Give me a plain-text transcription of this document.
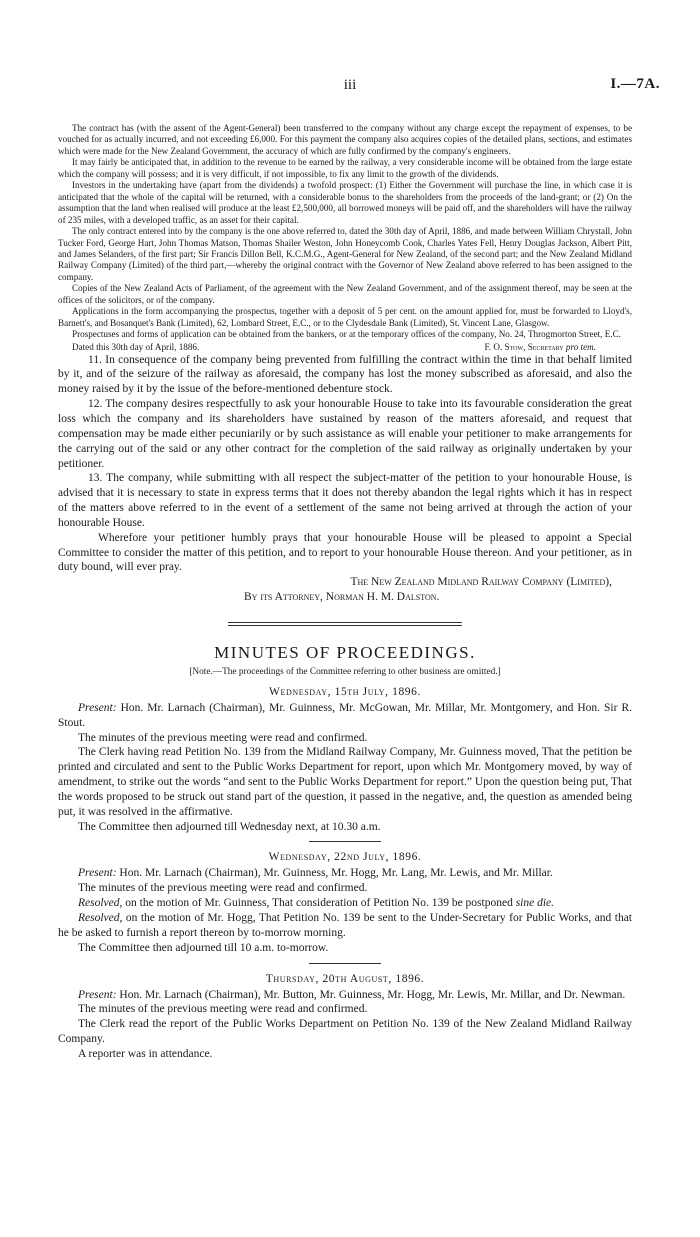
iii	I.—7A.

The contract has (with the assent of the Agent-General) been transferred to the company without any charge except the repayment of expenses, to be vouched for as actually incurred, and not exceeding £6,000. For this payment the company also acquires copies of the detailed plans, sections, and estimates which were made for the New Zealand Government, the accuracy of which are fully confirmed by the company's engineers.

It may fairly be anticipated that, in addition to the revenue to be earned by the railway, a very considerable income will be obtained from the large estate which the company will possess; and it is very difficult, if not impossible, to fix any limit to the growth of the dividends.

Investors in the undertaking have (apart from the dividends) a twofold prospect: (1) Either the Government will purchase the line, in which case it is anticipated that the whole of the capital will be returned, with a considerable bonus to the shareholders from the proceeds of the land-grant; or (2) On the assumption that the land when realised will produce at the least £2,500,000, all borrowed moneys will be paid off, and the shareholders will have the railway of 235 miles, with a developed traffic, as an asset for their capital.

The only contract entered into by the company is the one above referred to, dated the 30th day of April, 1886, and made between William Chrystall, John Tucker Ford, George Hart, John Thomas Matson, Thomas Shailer Weston, John Honeycomb Cook, Charles Yates Fell, Henry Douglas Jackson, Albert Pitt, and James Selanders, of the first part; Sir Francis Dillon Bell, K.C.M.G., Agent-General for New Zealand, of the second part; and the New Zealand Midland Railway Company (Limited) of the third part,—whereby the original contract with the Governor of New Zealand above referred to has been assigned to the company.

Copies of the New Zealand Acts of Parliament, of the agreement with the New Zealand Government, and of the assignment thereof, may be seen at the offices of the solicitors, or of the company.

Applications in the form accompanying the prospectus, together with a deposit of 5 per cent. on the amount applied for, must be forwarded to Lloyd's, Barnett's, and Bosanquet's Bank (Limited), 62, Lombard Street, E.C., or to the Clydesdale Bank (Limited), St. Vincent Lane, Glasgow.

Prospectuses and forms of application can be obtained from the bankers, or at the temporary offices of the company, No. 24, Throgmorton Street, E.C.

Dated this 30th day of April, 1886.	F. O. Stow, Secretary pro tem.

11. In consequence of the company being prevented from fulfilling the contract within the time in that behalf limited by it, and of the seizure of the railway as aforesaid, the company has lost the money subscribed as aforesaid, and also the money raised by it by the issue of the before-mentioned debenture stock.

12. The company desires respectfully to ask your honourable House to take into its favourable consideration the great loss which the company and its shareholders have sustained by reason of the matters aforesaid, and request that compensation may be made either pecuniarily or by such assistance as will enable your petitioner to make arrangements for the carrying out of the said or any other contract for the completion of the said railway as originally undertaken by your petitioner.

13. The company, while submitting with all respect the subject-matter of the petition to your honourable House, is advised that it is necessary to state in express terms that it does not thereby abandon the legal rights which it has in respect of the matters above referred to in the event of a settlement of the same not being arrived at through the action of your honourable House.

Wherefore your petitioner humbly prays that your honourable House will be pleased to appoint a Special Committee to consider the matter of this petition, and to report to your honourable House thereon. And your petitioner, as in duty bound, will ever pray.

The New Zealand Midland Railway Company (Limited),

By its Attorney, Norman H. M. Dalston.

MINUTES OF PROCEEDINGS.

[Note.—The proceedings of the Committee referring to other business are omitted.]

Wednesday, 15th July, 1896.

Present: Hon. Mr. Larnach (Chairman), Mr. Guinness, Mr. McGowan, Mr. Millar, Mr. Montgomery, and Hon. Sir R. Stout.

The minutes of the previous meeting were read and confirmed.

The Clerk having read Petition No. 139 from the Midland Railway Company, Mr. Guinness moved, That the petition be printed and circulated and sent to the Public Works Department for report, upon which Mr. Montgomery moved, by way of amendment, to strike out the words “and sent to the Public Works Department for report.” Upon the question being put, That the words proposed to be struck out stand part of the question, it passed in the negative, and, the question as amended being put, it was resolved in the affirmative.

The Committee then adjourned till Wednesday next, at 10.30 a.m.

Wednesday, 22nd July, 1896.

Present: Hon. Mr. Larnach (Chairman), Mr. Guinness, Mr. Hogg, Mr. Lang, Mr. Lewis, and Mr. Millar.

The minutes of the previous meeting were read and confirmed.

Resolved, on the motion of Mr. Guinness, That consideration of Petition No. 139 be postponed sine die.

Resolved, on the motion of Mr. Hogg, That Petition No. 139 be sent to the Under-Secretary for Public Works, and that he be asked to furnish a report thereon by to-morrow morning.

The Committee then adjourned till 10 a.m. to-morrow.

Thursday, 20th August, 1896.

Present: Hon. Mr. Larnach (Chairman), Mr. Button, Mr. Guinness, Mr. Hogg, Mr. Lewis, Mr. Millar, and Dr. Newman.

The minutes of the previous meeting were read and confirmed.

The Clerk read the report of the Public Works Department on Petition No. 139 of the New Zealand Midland Railway Company.

A reporter was in attendance.
